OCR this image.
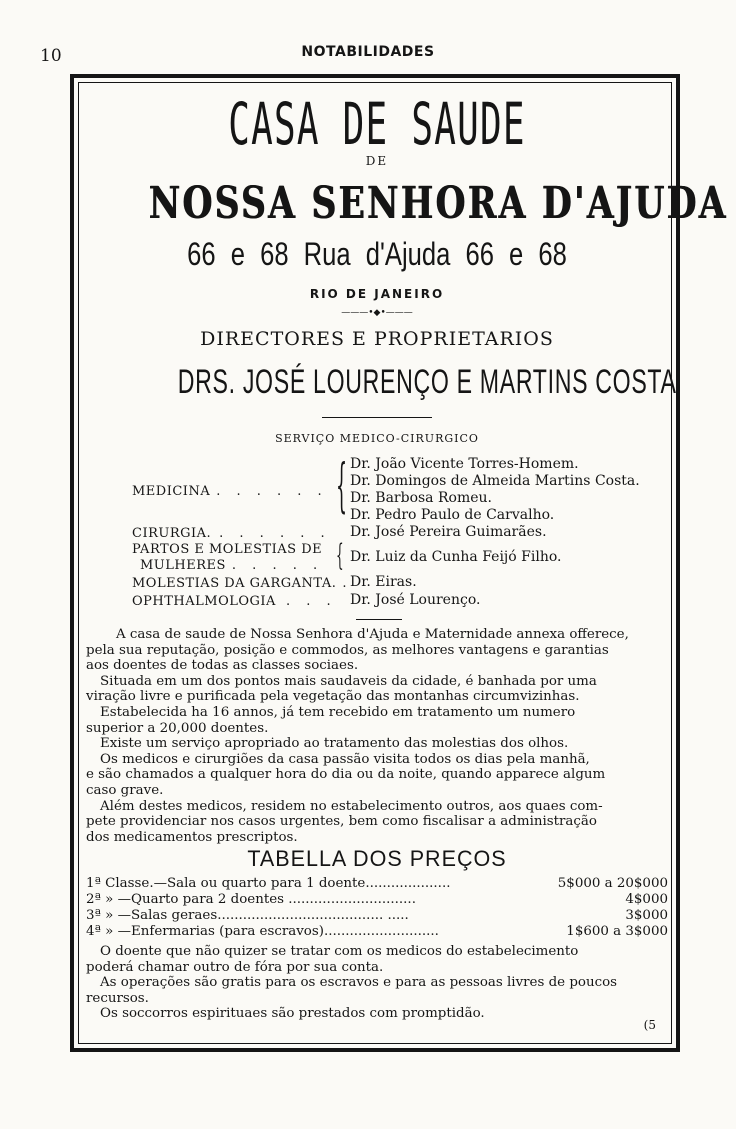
10	NOTABILIDADES
CASA DE SAUDE
DE
NOSSA SENHORA D'AJUDA
66 e 68 Rua d'Ajuda 66 e 68
RIO DE JANEIRO
———•◆•———
DIRECTORES E PROPRIETARIOS
DRS. JOSÉ LOURENÇO E MARTINS COSTA
SERVIÇO MEDICO-CIRURGICO
MEDICINA . . . . . . { Dr. João Vicente Torres-Homem.
Dr. Domingos de Almeida Martins Costa.
Dr. Barbosa Romeu.
Dr. Pedro Paulo de Carvalho.
CIRURGIA. . . . . . . Dr. José Pereira Guimarães.
PARTOS E MOLESTIAS DE
MULHERES . . . . . { Dr. Luiz da Cunha Feijó Filho.
MOLESTIAS DA GARGANTA. . Dr. Eiras.
OPHTHALMOLOGIA . . . Dr. José Lourenço.
A casa de saude de Nossa Senhora d'Ajuda e Maternidade annexa offerece,
pela sua reputação, posição e commodos, as melhores vantagens e garantias
aos doentes de todas as classes sociaes.
Situada em um dos pontos mais saudaveis da cidade, é banhada por uma
viração livre e purificada pela vegetação das montanhas circumvizinhas.
Estabelecida ha 16 annos, já tem recebido em tratamento um numero
superior a 20,000 doentes.
Existe um serviço apropriado ao tratamento das molestias dos olhos.
Os medicos e cirurgiões da casa passão visita todos os dias pela manhã,
e são chamados a qualquer hora do dia ou da noite, quando apparece algum
caso grave.
Além destes medicos, residem no estabelecimento outros, aos quaes com-
pete providenciar nos casos urgentes, bem como fiscalisar a administração
dos medicamentos prescriptos.
TABELLA DOS PREÇOS
1ª Classe.—Sala ou quarto para 1 doente....................	5$000 a 20$000
2ª » —Quarto para 2 doentes ..............................	4$000
3ª » —Salas geraes....................................... .....	3$000
4ª » —Enfermarias (para escravos)...........................	1$600 a 3$000
O doente que não quizer se tratar com os medicos do estabelecimento
poderá chamar outro de fóra por sua conta.
As operações são gratis para os escravos e para as pessoas livres de poucos
recursos.
Os soccorros espirituaes são prestados com promptidão.
(5
